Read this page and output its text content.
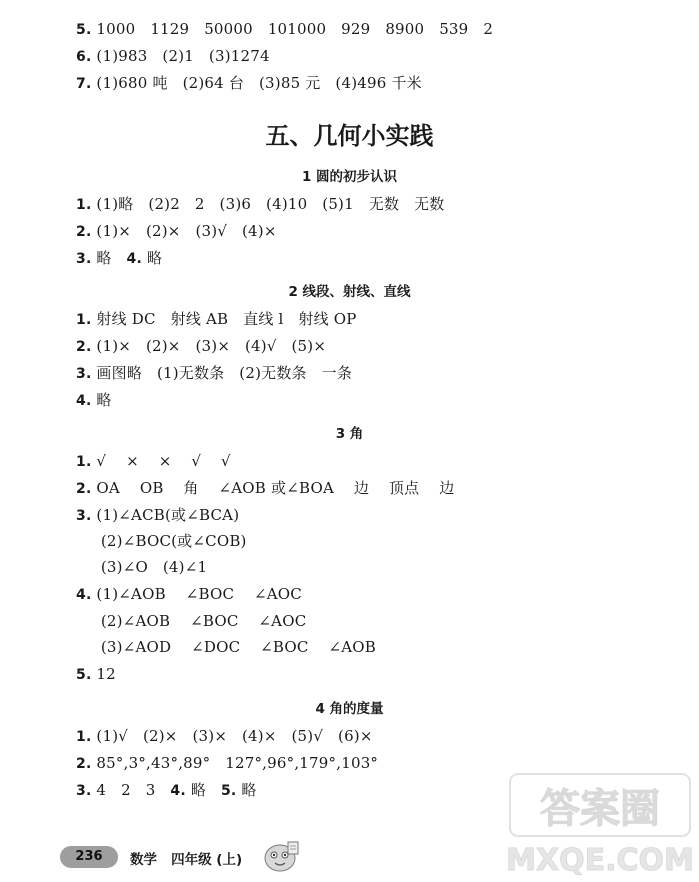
5. 1000   1129   50000   101000   929   8900   539   2
6. (1)983   (2)1   (3)1274
7. (1)680 吨   (2)64 台   (3)85 元   (4)496 千米
五、几何小实践
1 圆的初步认识
1. (1)略   (2)2   2   (3)6   (4)10   (5)1   无数   无数
2. (1)×   (2)×   (3)√   (4)×
3. 略   4. 略
2 线段、射线、直线
1. 射线 DC   射线 AB   直线 l   射线 OP
2. (1)×   (2)×   (3)×   (4)√   (5)×
3. 画图略   (1)无数条   (2)无数条   一条
4. 略
3 角
1. √    ×    ×    √    √
2. OA    OB    角    ∠AOB 或∠BOA    边    顶点    边
3. (1)∠ACB(或∠BCA)
(2)∠BOC(或∠COB)
(3)∠O   (4)∠1
4. (1)∠AOB    ∠BOC    ∠AOC
(2)∠AOB    ∠BOC    ∠AOC
(3)∠AOD    ∠DOC    ∠BOC    ∠AOB
5. 12
4 角的度量
1. (1)√   (2)×   (3)×   (4)×   (5)√   (6)×
2. 85°,3°,43°,89°   127°,96°,179°,103°
3. 4   2   3   4. 略   5. 略
236	数学   四年级 (上)
答案圈
MXQE.COM
